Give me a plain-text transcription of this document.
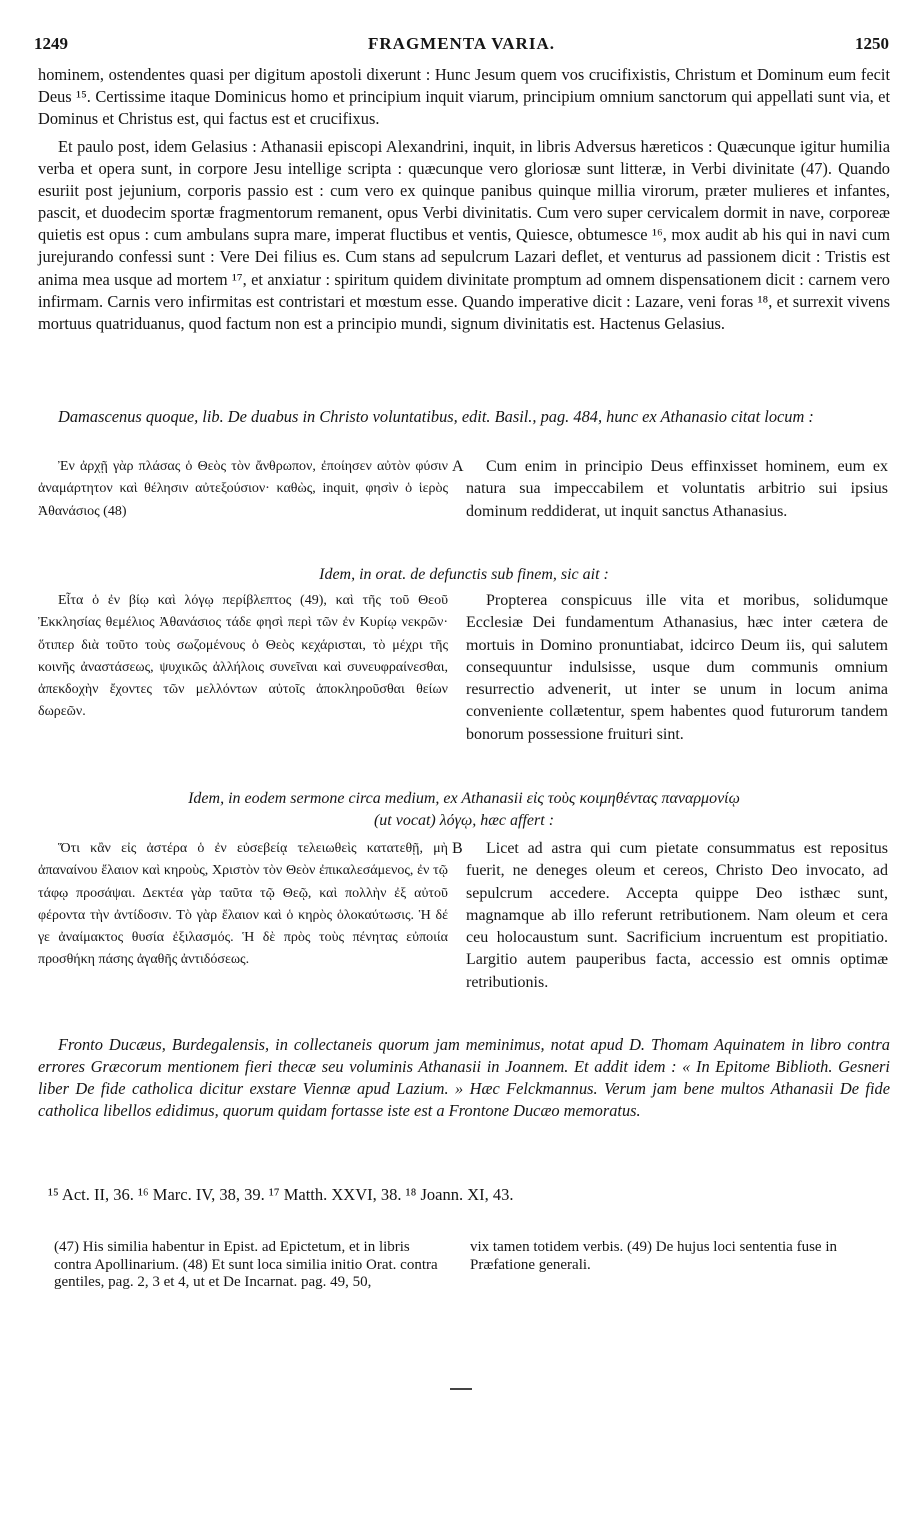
1249	FRAGMENTA VARIA.	1250

hominem, ostendentes quasi per digitum apostoli dixerunt : Hunc Jesum quem vos crucifixistis, Christum et Dominum eum fecit Deus ¹⁵. Certissime itaque Dominicus homo et principium inquit viarum, principium omnium sanctorum qui appellati sunt via, et Dominus et Christus est, qui factus est et crucifixus.

Et paulo post, idem Gelasius : Athanasii episcopi Alexandrini, inquit, in libris Adversus hæreticos : Quæcunque igitur humilia verba et opera sunt, in corpore Jesu intellige scripta : quæcunque vero gloriosæ sunt litteræ, in Verbi divinitate (47). Quando esuriit post jejunium, corporis passio est : cum vero ex quinque panibus quinque millia virorum, præter mulieres et infantes, pascit, et duodecim sportæ fragmentorum remanent, opus Verbi divinitatis. Cum vero super cervicalem dormit in nave, corporeæ quietis est opus : cum ambulans supra mare, imperat fluctibus et ventis, Quiesce, obtumesce ¹⁶, mox audit ab his qui in navi cum jurejurando confessi sunt : Vere Dei filius es. Cum stans ad sepulcrum Lazari deflet, et venturus ad passionem dicit : Tristis est anima mea usque ad mortem ¹⁷, et anxiatur : spiritum quidem divinitate promptum ad omnem dispensationem dicit : carnem vero infirmam. Carnis vero infirmitas est contristari et mœstum esse. Quando imperative dicit : Lazare, veni foras ¹⁸, et surrexit vivens mortuus quatriduanus, quod factum non est a principio mundi, signum divinitatis est. Hactenus Gelasius.

Damascenus quoque, lib. De duabus in Christo voluntatibus, edit. Basil., pag. 484, hunc ex Athanasio citat locum :

Ἐν ἀρχῇ γὰρ πλάσας ὁ Θεὸς τὸν ἄνθρωπον, ἐποίησεν αὐτὸν φύσιν ἀναμάρτητον καὶ θέλησιν αὐτεξούσιον· καθὼς, inquit, φησὶν ὁ ἱερὸς Ἀθανάσιος (48)

A	Cum enim in principio Deus effinxisset hominem, eum ex natura sua impeccabilem et voluntatis arbitrio sui ipsius dominum reddiderat, ut inquit sanctus Athanasius.

Idem, in orat. de defunctis sub finem, sic ait :

Εἶτα ὁ ἐν βίῳ καὶ λόγῳ περίβλεπτος (49), καὶ τῆς τοῦ Θεοῦ Ἐκκλησίας θεμέλιος Ἀθανάσιος τάδε φησὶ περὶ τῶν ἐν Κυρίῳ νεκρῶν· ὅτιπερ διὰ τοῦτο τοὺς σωζομένους ὁ Θεὸς κεχάρισται, τὸ μέχρι τῆς κοινῆς ἀναστάσεως, ψυχικῶς ἀλλήλοις συνεῖναι καὶ συνευφραίνεσθαι, ἀπεκδοχὴν ἔχοντες τῶν μελλόντων αὐτοῖς ἀποκληροῦσθαι θείων δωρεῶν.

Propterea conspicuus ille vita et moribus, solidumque Ecclesiæ Dei fundamentum Athanasius, hæc inter cætera de mortuis in Domino pronuntiabat, idcirco Deum iis, qui salutem consequuntur indulsisse, usque dum communis omnium resurrectio advenerit, ut inter se unum in locum anima conveniente collætentur, spem habentes quod futurorum tandem bonorum possessione fruituri sint.

Idem, in eodem sermone circa medium, ex Athanasii εἰς τοὺς κοιμηθέντας παναρμονίῳ
(ut vocat) λόγῳ, hæc affert :

Ὅτι κἂν εἰς ἀστέρα ὁ ἐν εὐσεβείᾳ τελειωθεὶς κατατεθῇ, μὴ ἀπαναίνου ἔλαιον καὶ κηροὺς, Χριστὸν τὸν Θεὸν ἐπικαλεσάμενος, ἐν τῷ τάφῳ προσάψαι. Δεκτέα γὰρ ταῦτα τῷ Θεῷ, καὶ πολλὴν ἐξ αὐτοῦ φέροντα τὴν ἀντίδοσιν. Τὸ γὰρ ἔλαιον καὶ ὁ κηρὸς ὁλοκαύτωσις. Ἡ δέ γε ἀναίμακτος θυσία ἐξιλασμός. Ἡ δὲ πρὸς τοὺς πένητας εὐποιία προσθήκη πάσης ἀγαθῆς ἀντιδόσεως.

B	Licet ad astra qui cum pietate consummatus est repositus fuerit, ne deneges oleum et cereos, Christo Deo invocato, ad sepulcrum accedere. Accepta quippe Deo isthæc sunt, magnamque ab illo referunt retributionem. Nam oleum et cera ceu holocaustum sunt. Sacrificium incruentum est propitiatio. Largitio autem pauperibus facta, accessio est omnis optimæ retributionis.

Fronto Ducæus, Burdegalensis, in collectaneis quorum jam meminimus, notat apud D. Thomam Aquinatem in libro contra errores Græcorum mentionem fieri thecæ seu voluminis Athanasii in Joannem. Et addit idem : « In Epitome Biblioth. Gesneri liber De fide catholica dicitur exstare Viennæ apud Lazium. » Hæc Felckmannus. Verum jam bene multos Athanasii De fide catholica libellos edidimus, quorum quidam fortasse iste est a Frontone Ducæo memoratus.

¹⁵ Act. II, 36. ¹⁶ Marc. IV, 38, 39. ¹⁷ Matth. XXVI, 38. ¹⁸ Joann. XI, 43.

(47) His similia habentur in Epist. ad Epictetum, et in libris contra Apollinarium. (48) Et sunt loca similia initio Orat. contra gentiles, pag. 2, 3 et 4, ut et De Incarnat. pag. 49, 50,

vix tamen totidem verbis. (49) De hujus loci sententia fuse in Præfatione generali.
